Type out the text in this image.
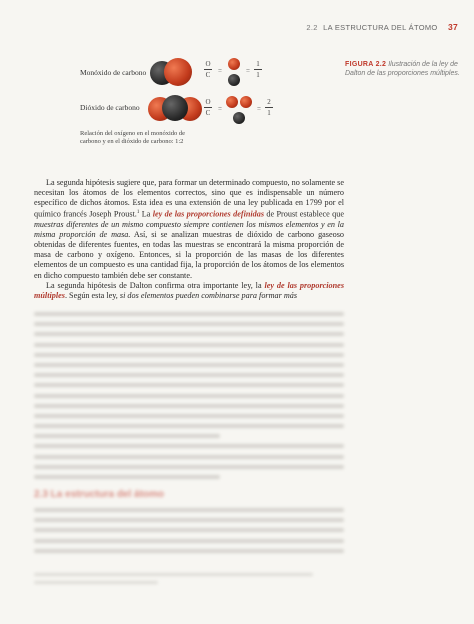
2.2 LA ESTRUCTURA DEL ÁTOMO 37
FIGURA 2.2 Ilustración de la ley de Dalton de las proporciones múltiples.
Monóxido de carbono
O
C =	=
1
1
Dióxido de carbono
O
C =	=
2
1
Relación del oxígeno en el monóxido de carbono y en el dióxido de carbono: 1:2

La segunda hipótesis sugiere que, para formar un determinado compuesto, no solamente se necesitan los átomos de los elementos correctos, sino que es indispensable un número específico de dichos átomos. Esta idea es una extensión de una ley publicada en 1799 por el químico francés Joseph Proust.$^1$ La ley de las proporciones definidas de Proust establece que muestras diferentes de un mismo compuesto siempre contienen los mismos elementos y en la misma proporción de masa. Así, si se analizan muestras de dióxido de carbono gaseoso obtenidas de diferentes fuentes, en todas las muestras se encontrará la misma proporción de masa de carbono y oxígeno. Entonces, si la proporción de las masas de los diferentes elementos de un compuesto es una cantidad fija, la proporción de los átomos de los elementos en dicho compuesto también debe ser constante.

La segunda hipótesis de Dalton confirma otra importante ley, la ley de las proporciones múltiples. Según esta ley, si dos elementos pueden combinarse para formar más

2.3 La estructura del átomo
